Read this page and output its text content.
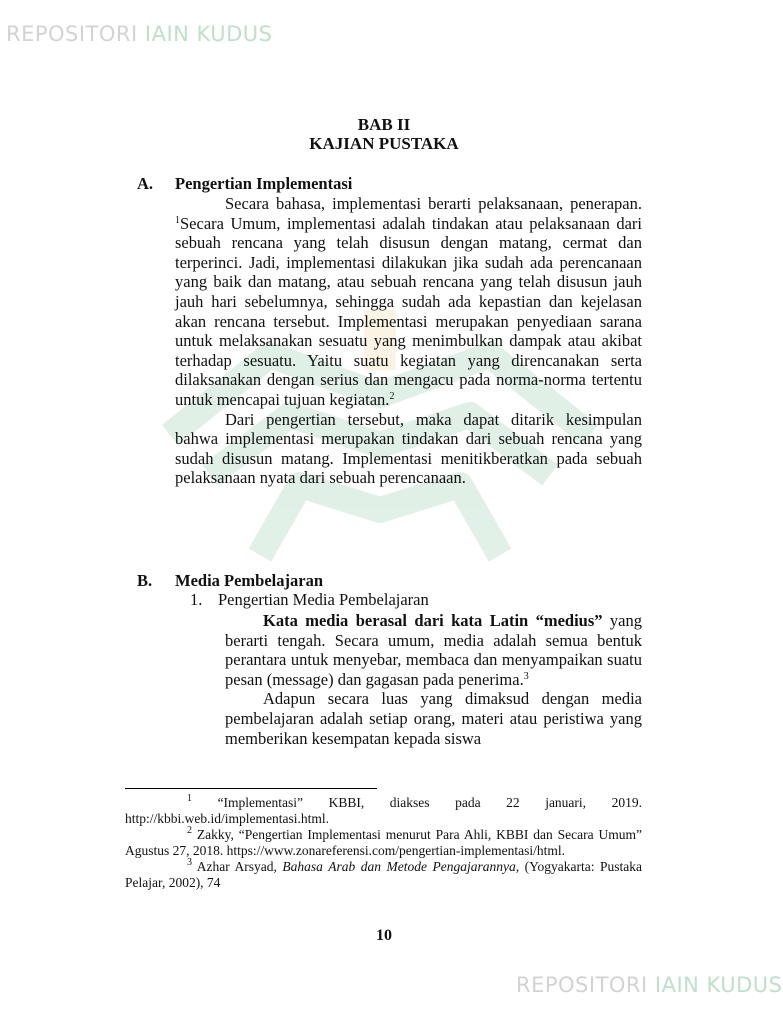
REPOSITORI IAIN KUDUS
BAB II
KAJIAN PUSTAKA
A. Pengertian Implementasi

Secara bahasa, implementasi berarti pelaksanaan, penerapan. $^1$Secara Umum, implementasi adalah tindakan atau pelaksanaan dari sebuah rencana yang telah disusun dengan matang, cermat dan terperinci. Jadi, implementasi dilakukan jika sudah ada perencanaan yang baik dan matang, atau sebuah rencana yang telah disusun jauh jauh hari sebelumnya, sehingga sudah ada kepastian dan kejelasan akan rencana tersebut. Implementasi merupakan penyediaan sarana untuk melaksanakan sesuatu yang menimbulkan dampak atau akibat terhadap sesuatu. Yaitu suatu kegiatan yang direncanakan serta dilaksanakan dengan serius dan mengacu pada norma-norma tertentu untuk mencapai tujuan kegiatan.$^2$

Dari pengertian tersebut, maka dapat ditarik kesimpulan bahwa implementasi merupakan tindakan dari sebuah rencana yang sudah disusun matang. Implementasi menitikberatkan pada sebuah pelaksanaan nyata dari sebuah perencanaan.

B. Media Pembelajaran
1. Pengertian Media Pembelajaran

Kata media berasal dari kata Latin “medius” yang berarti tengah. Secara umum, media adalah semua bentuk perantara untuk menyebar, membaca dan menyampaikan suatu pesan (message) dan gagasan pada penerima.$^3$

Adapun secara luas yang dimaksud dengan media pembelajaran adalah setiap orang, materi atau peristiwa yang memberikan kesempatan kepada siswa

$^1$ “Implementasi” KBBI, diakses pada 22 januari, 2019. http://kbbi.web.id/implementasi.html.

$^2$ Zakky, “Pengertian Implementasi menurut Para Ahli, KBBI dan Secara Umum” Agustus 27, 2018. https://www.zonareferensi.com/pengertian-implementasi/html.

$^3$ Azhar Arsyad, Bahasa Arab dan Metode Pengajarannya, (Yogyakarta: Pustaka Pelajar, 2002), 74

10
REPOSITORI IAIN KUDUS
